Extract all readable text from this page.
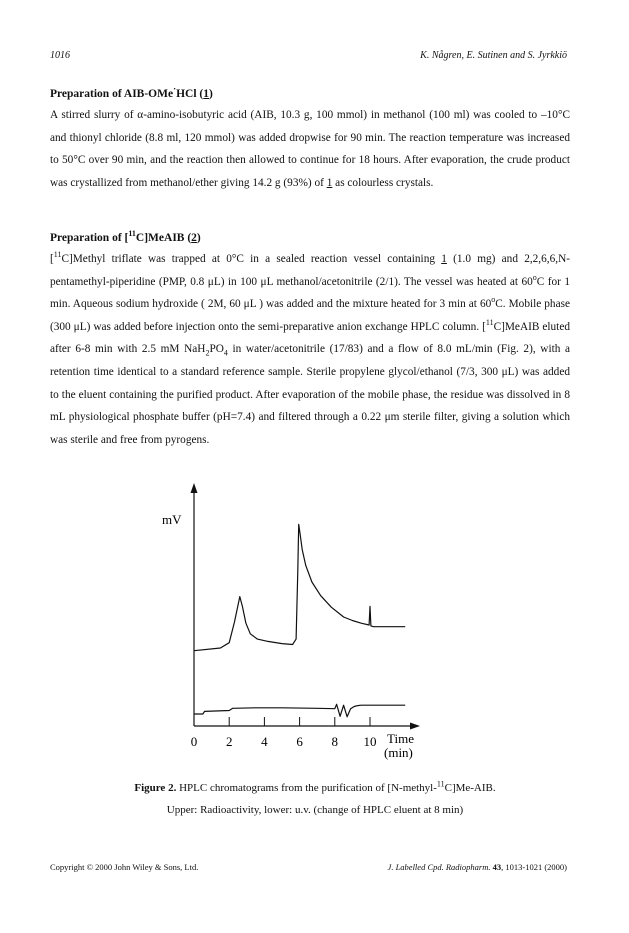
1016	K. Någren, E. Sutinen and S. Jyrkkiö
Preparation of AIB-OMe·HCl (1)

A stirred slurry of α-amino-isobutyric acid (AIB, 10.3 g, 100 mmol) in methanol (100 ml) was cooled to –10°C and thionyl chloride (8.8 ml, 120 mmol) was added dropwise for 90 min. The reaction temperature was increased to 50°C over 90 min, and the reaction then allowed to continue for 18 hours. After evaporation, the crude product was crystallized from methanol/ether giving 14.2 g (93%) of 1 as colourless crystals.

Preparation of [$^{11}$C]MeAIB (2)

[$^{11}$C]Methyl triflate was trapped at 0°C in a sealed reaction vessel containing 1 (1.0 mg) and 2,2,6,6,N-pentamethyl-piperidine (PMP, 0.8 μL) in 100 μL methanol/acetonitrile (2/1). The vessel was heated at 60$^o$C for 1 min. Aqueous sodium hydroxide ( 2M, 60 μL ) was added and the mixture heated for 3 min at 60$^o$C. Mobile phase (300 μL) was added before injection onto the semi-preparative anion exchange HPLC column. [$^{11}$C]MeAIB eluted after 6-8 min with 2.5 mM $NaH_2PO_4$ in water/acetonitrile (17/83) and a flow of 8.0 mL/min (Fig. 2), with a retention time identical to a standard reference sample. Sterile propylene glycol/ethanol (7/3, 300 μL) was added to the eluent containing the purified product. After evaporation of the mobile phase, the residue was dissolved in 8 mL physiological phosphate buffer (pH=7.4) and filtered through a 0.22 μm sterile filter, giving a solution which was sterile and free from pyrogens.

mV
Time
(min)
0 2 4 6 8 10
Figure 2. HPLC chromatograms from the purification of [N-methyl-$^{11}$C]Me-AIB.
Upper: Radioactivity, lower: u.v. (change of HPLC eluent at 8 min)
Copyright © 2000 John Wiley & Sons, Ltd.	J. Labelled Cpd. Radiopharm. 43, 1013-1021 (2000)
